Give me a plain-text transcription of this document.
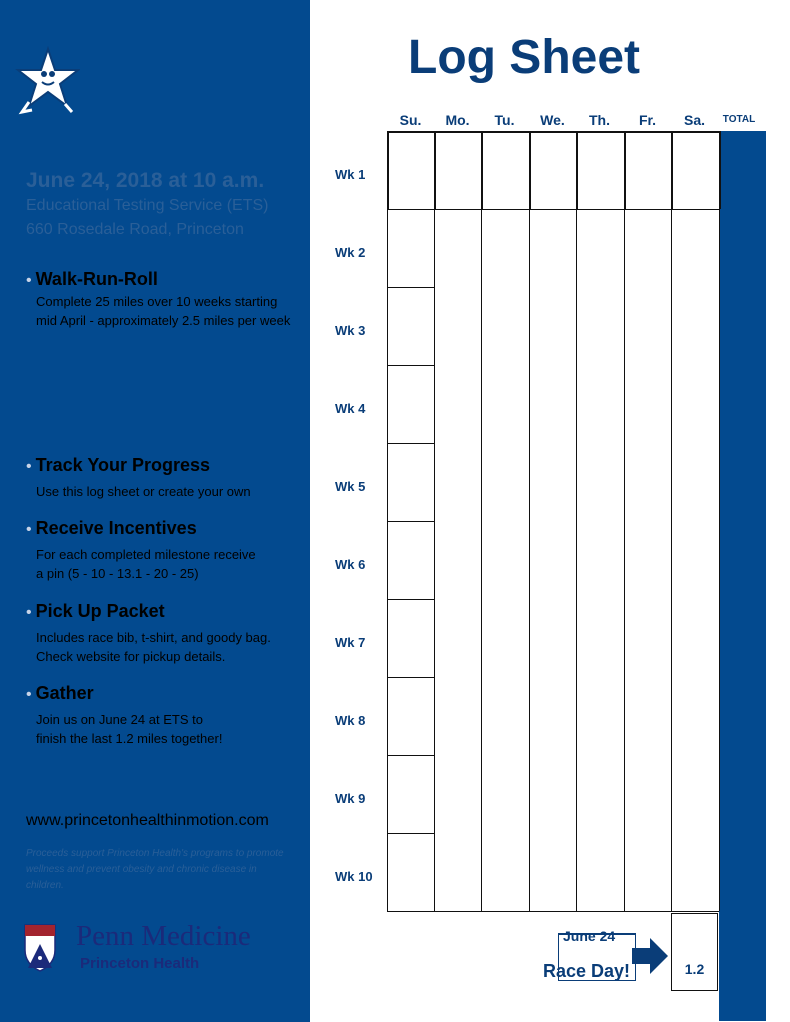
June 24, 2018 at 10 a.m.
Educational Testing Service (ETS)
660 Rosedale Road, Princeton
• Walk-Run-Roll
Complete 25 miles over 10 weeks starting
mid April - approximately 2.5 miles per week
• Track Your Progress
Use this log sheet or create your own
• Receive Incentives
For each completed milestone receive
a pin (5 - 10 - 13.1 - 20 - 25)
• Pick Up Packet
Includes race bib, t-shirt, and goody bag.
Check website for pickup details.
• Gather
Join us on June 24 at ETS to
finish the last 1.2 miles together!
www.princetonhealthinmotion.com
Proceeds support Princeton Health's programs to promote wellness and prevent obesity and chronic disease in children.
Penn Medicine
Princeton Health
Log Sheet
Su.	Mo.	Tu.	We.	Th.	Fr.	Sa.	TOTAL
Wk 1
Wk 2
Wk 3
Wk 4
Wk 5
Wk 6
Wk 7
Wk 8
Wk 9
Wk 10
June 24
Race Day!	1.2
